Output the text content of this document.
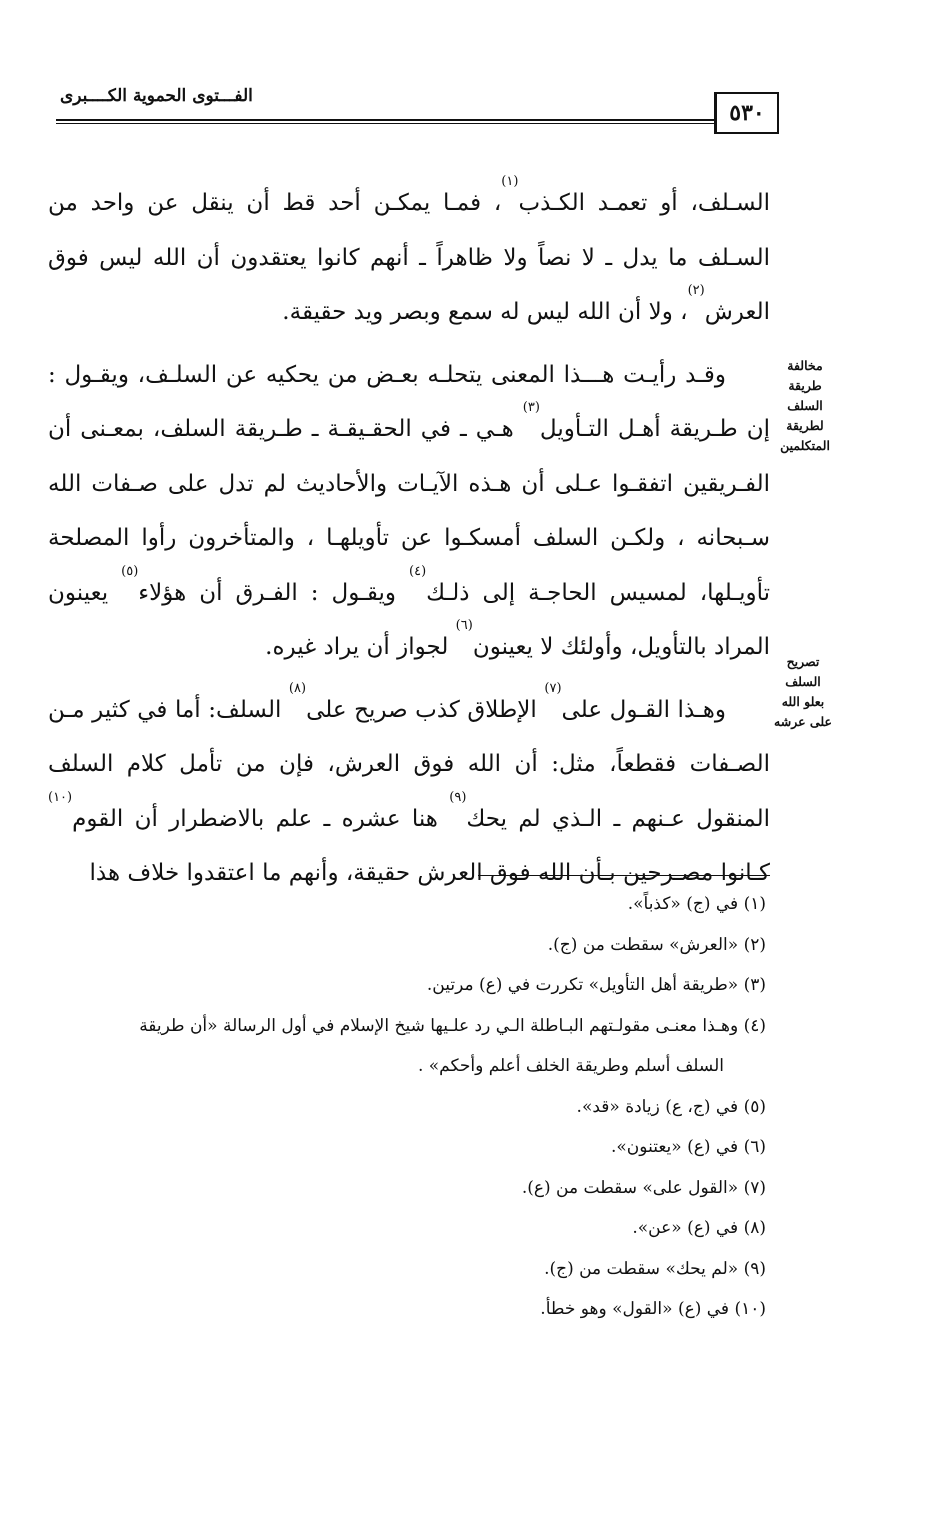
الفـــتوى الحموية الكــــبرى
٥٣٠

السـلف، أو تعمـد الكـذب$^{(١)}$، فمـا يمكـن أحد قط أن ينقل عن واحد من السـلف ما يدل ـ لا نصاً ولا ظاهراً ـ أنهم كانوا يعتقدون أن الله ليس فوق العرش$^{(٢)}$، ولا أن الله ليس له سمع وبصر ويد حقيقة.

وقـد رأيـت هـــذا المعنى يتحلـه بعـض من يحكيه عن السلـف، ويقـول : إن طـريقة أهـل التـأويل$^{(٣)}$ هـي ـ في الحقـيقـة ـ طـريقة السلف، بمعـنى أن الفـريقين اتفقـوا عـلى أن هـذه الآيـات والأحاديث لم تدل على صـفات الله سـبحانه ، ولكـن السلف أمسكـوا عن تأويلهـا ، والمتأخرون رأوا المصلحة تأويـلها، لمسيس الحاجـة إلى ذلـك$^{(٤)}$ ويقـول : الفـرق أن هؤلاء$^{(٥)}$ يعينون المراد بالتأويل، وأولئك لا يعينون$^{(٦)}$ لجواز أن يراد غيره.

وهـذا القـول على$^{(٧)}$ الإطلاق كذب صريح على$^{(٨)}$ السلف: أما في كثير مـن الصـفات فقطعاً، مثل: أن الله فوق العرش، فإن من تأمل كلام السلف المنقول عـنهم ـ الـذي لم يحك$^{(٩)}$ هنا عشره ـ علم بالاضطرار أن القوم$^{(١٠)}$ كـانوا مصـرحين بـأن الله فوق العرش حقيقة، وأنهم ما اعتقدوا خلاف هذا

مخالفة
طريقة
السلف
لطريقة
المتكلمين
تصريح
السلف
بعلو الله
على عرشه
(١) في (ج) «كذباً».
(٢) «العرش» سقطت من (ج).
(٣) «طريقة أهل التأويل» تكررت في (ع) مرتين.
(٤) وهـذا معنـى مقولـتهم البـاطلة الـي رد علـيها شيخ الإسلام في أول الرسالة «أن طريقة
السلف أسلم وطريقة الخلف أعلم وأحكم» .
(٥) في (ج، ع) زيادة «قد».
(٦) في (ع) «يعتنون».
(٧) «القول على» سقطت من (ع).
(٨) في (ع) «عن».
(٩) «لم يحك» سقطت من (ج).
(١٠) في (ع) «القول» وهو خطأ.
